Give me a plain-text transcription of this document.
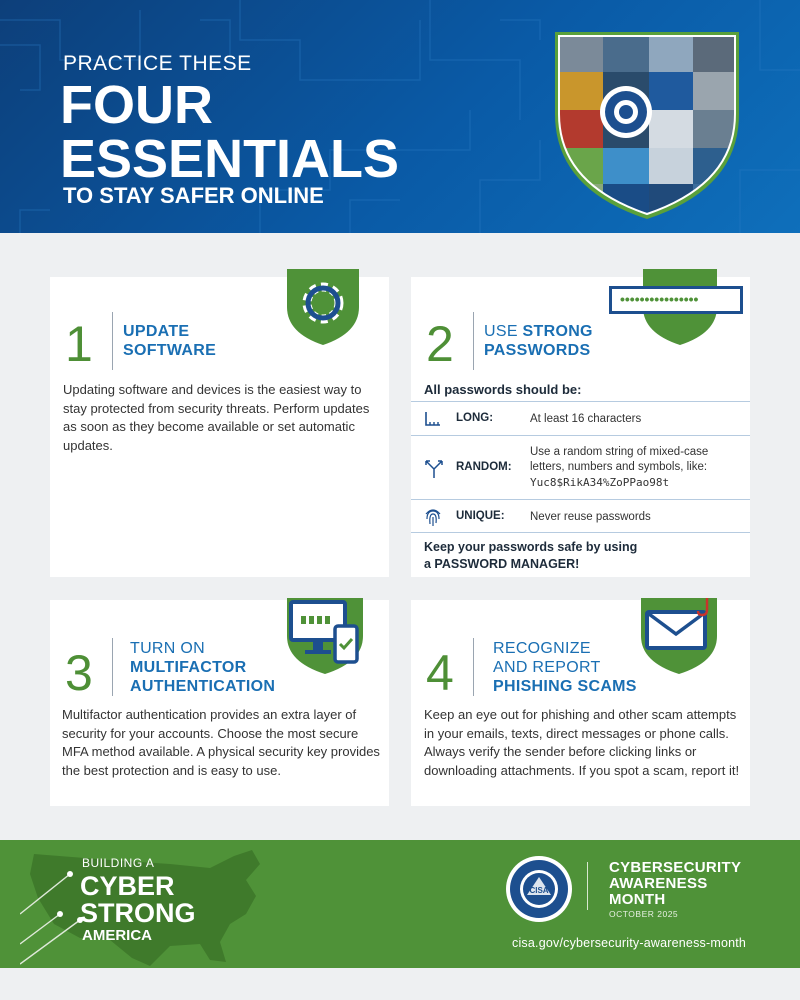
PRACTICE THESE
FOUR
ESSENTIALS
TO STAY SAFER ONLINE
1 UPDATE
SOFTWARE
Updating software and devices is the easiest way to stay protected from security threats. Perform updates as soon as they become available or set automatic updates.
••••••••••••••••
2 USE STRONG
PASSWORDS
All passwords should be:
LONG:	At least 16 characters
RANDOM:
Use a random string of mixed-case
letters, numbers and symbols, like:
Yuc8$RikA34%ZoPPao98t
UNIQUE: Never reuse passwords
Keep your passwords safe by using
a PASSWORD MANAGER!
3 TURN ON
MULTIFACTOR
AUTHENTICATION
Multifactor authentication provides an extra layer of security for your accounts. Choose the most secure MFA method available. A physical security key provides the best protection and is easy to use.
4 RECOGNIZE
AND REPORT
PHISHING SCAMS
Keep an eye out for phishing and other scam attempts in your emails, texts, direct messages or phone calls. Always verify the sender before clicking links or downloading attachments. If you spot a scam, report it!
BUILDING A
CYBER
STRONG
AMERICA
CISA
CYBERSECURITY
AWARENESS
MONTH
OCTOBER 2025
cisa.gov/cybersecurity-awareness-month
